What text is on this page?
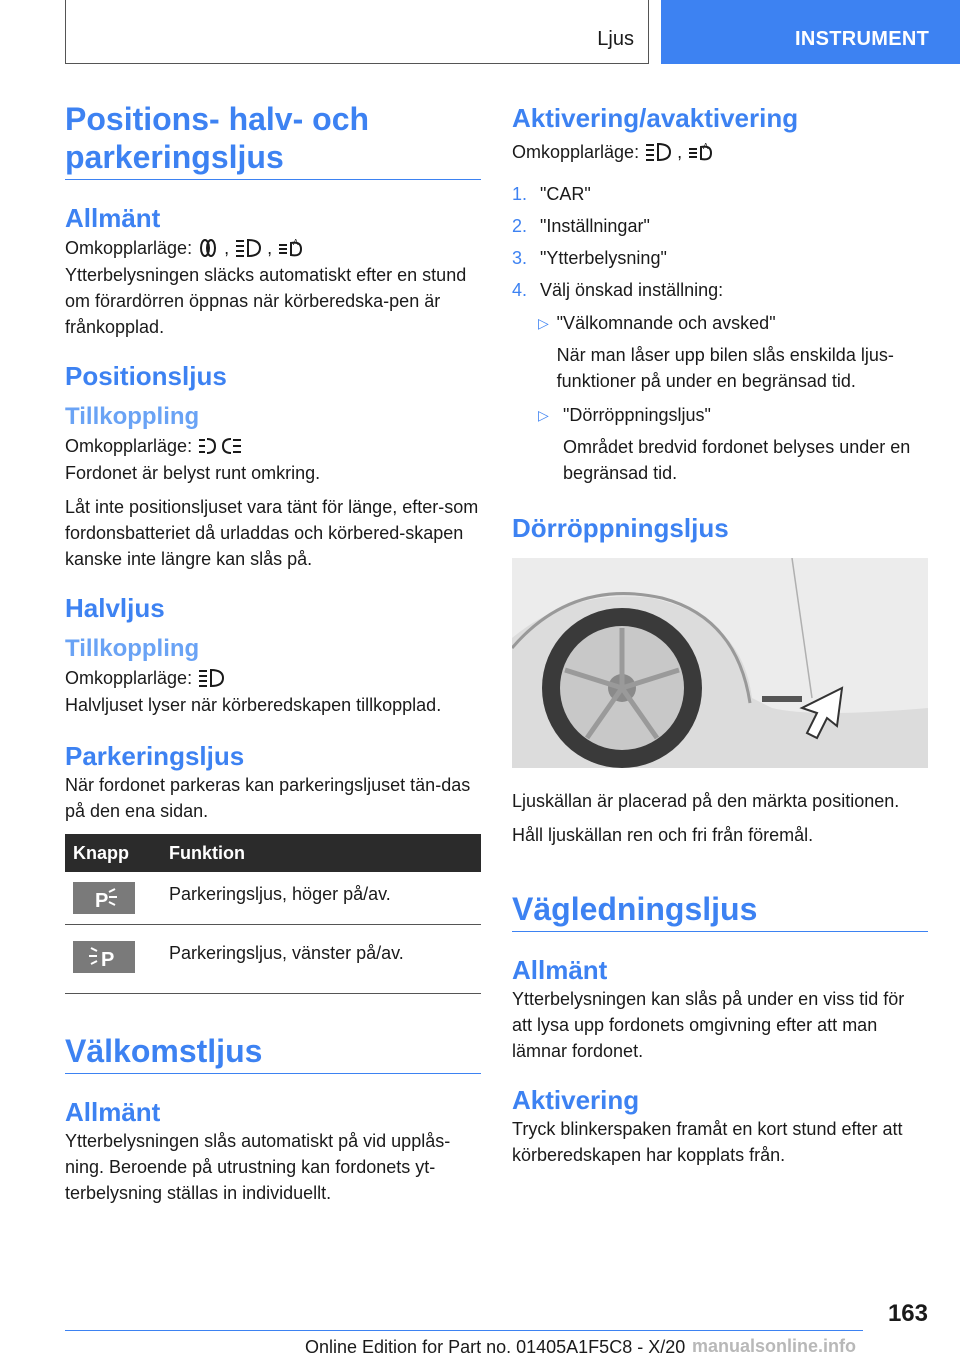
Ljus	INSTRUMENT
Positions- halv- och parkeringsljus
Allmänt
Omkopplarläge: , ,	A

Ytterbelysningen släcks automatiskt efter en stund om förardörren öppnas när körberedska-pen är frånkopplad.

Positionsljus
Tillkoppling
Omkopplarläge:

Fordonet är belyst runt omkring.

Låt inte positionsljuset vara tänt för länge, efter-som fordonsbatteriet då urladdas och körbered-skapen kanske inte längre kan slås på.

Halvljus
Tillkoppling
Omkopplarläge:

Halvljuset lyser när körberedskapen tillkopplad.

Parkeringsljus

När fordonet parkeras kan parkeringsljuset tän-das på den ena sidan.

Knapp	Funktion

P	Parkeringsljus, höger på/av.

P	Parkeringsljus, vänster på/av.
Välkomstljus
Allmänt

Ytterbelysningen slås automatiskt på vid upplås-ning. Beroende på utrustning kan fordonets yt-terbelysning ställas in individuellt.

Aktivering/avaktivering
Omkopplarläge: ,	A
1. "CAR"
2. "Inställningar"
3. "Ytterbelysning"
4. Välj önskad inställning:
▷ "Välkomnande och avsked"
När man låser upp bilen slås enskilda ljus-funktioner på under en begränsad tid.
▷ "Dörröppningsljus"
Området bredvid fordonet belyses under en begränsad tid.
Dörröppningsljus

Ljuskällan är placerad på den märkta positionen.

Håll ljuskällan ren och fri från föremål.

Vägledningsljus
Allmänt

Ytterbelysningen kan slås på under en viss tid för att lysa upp fordonets omgivning efter att man lämnar fordonet.

Aktivering

Tryck blinkerspaken framåt en kort stund efter att körberedskapen har kopplats från.

163
Online Edition for Part no. 01405A1F5C8 - X/20 manualsonline.info
